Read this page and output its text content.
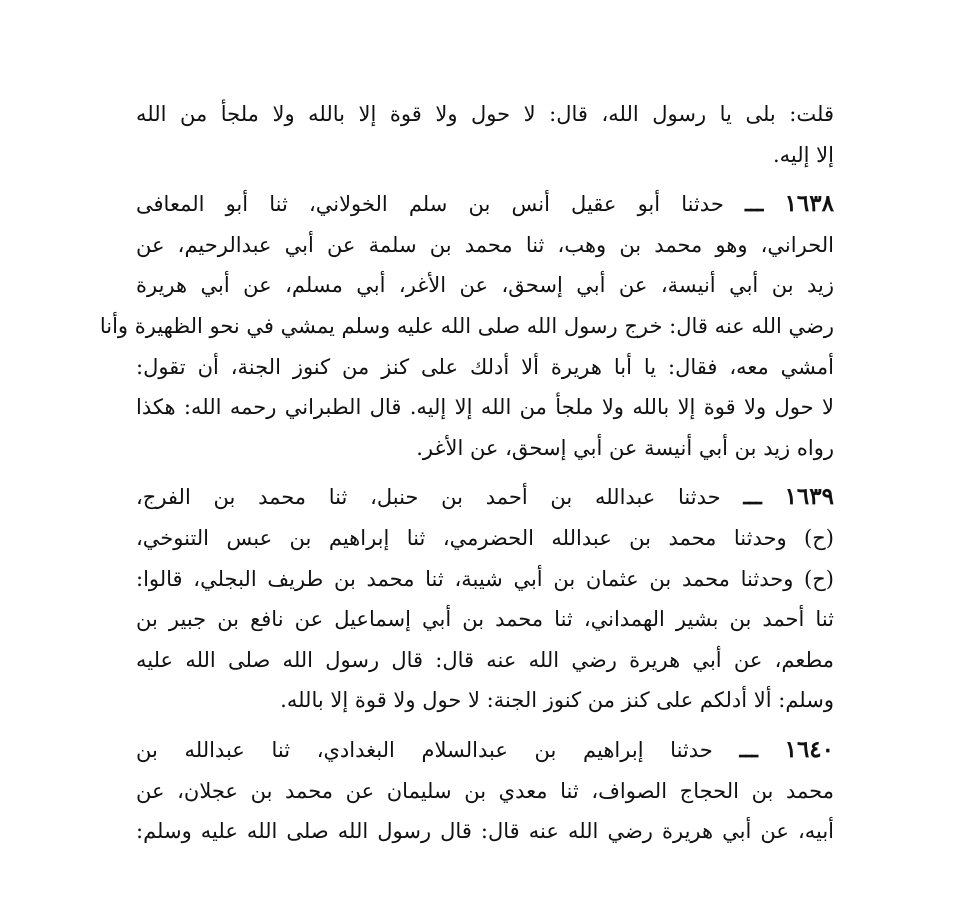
قلت: بلى يا رسول الله، قال: لا حول ولا قوة إلا بالله ولا ملجأ من الله
إلا إليه.

١٦٣٨ ـــ حدثنا أبو عقيل أنس بن سلم الخولاني، ثنا أبو المعافى
الحراني، وهو محمد بن وهب، ثنا محمد بن سلمة عن أبي عبدالرحيم، عن
زيد بن أبي أنيسة، عن أبي إسحق، عن الأغر، أبي مسلم، عن أبي هريرة
رضي الله عنه قال: خرج رسول الله صلى الله عليه وسلم يمشي في نحو الظهيرة وأنا
أمشي معه، فقال: يا أبا هريرة ألا أدلك على كنز من كنوز الجنة، أن تقول:
لا حول ولا قوة إلا بالله ولا ملجأ من الله إلا إليه. قال الطبراني رحمه الله: هكذا
رواه زيد بن أبي أنيسة عن أبي إسحق، عن الأغر.

١٦٣٩ ـــ حدثنا عبدالله بن أحمد بن حنبل، ثنا محمد بن الفرج،
(ح) وحدثنا محمد بن عبدالله الحضرمي، ثنا إبراهيم بن عبس التنوخي،
(ح) وحدثنا محمد بن عثمان بن أبي شيبة، ثنا محمد بن طريف البجلي، قالوا:
ثنا أحمد بن بشير الهمداني، ثنا محمد بن أبي إسماعيل عن نافع بن جبير بن
مطعم، عن أبي هريرة رضي الله عنه قال: قال رسول الله صلى الله عليه
وسلم: ألا أدلكم على كنز من كنوز الجنة: لا حول ولا قوة إلا بالله.

١٦٤٠ ـــ حدثنا إبراهيم بن عبدالسلام البغدادي، ثنا عبدالله بن
محمد بن الحجاج الصواف، ثنا معدي بن سليمان عن محمد بن عجلان، عن
أبيه، عن أبي هريرة رضي الله عنه قال: قال رسول الله صلى الله عليه وسلم:
